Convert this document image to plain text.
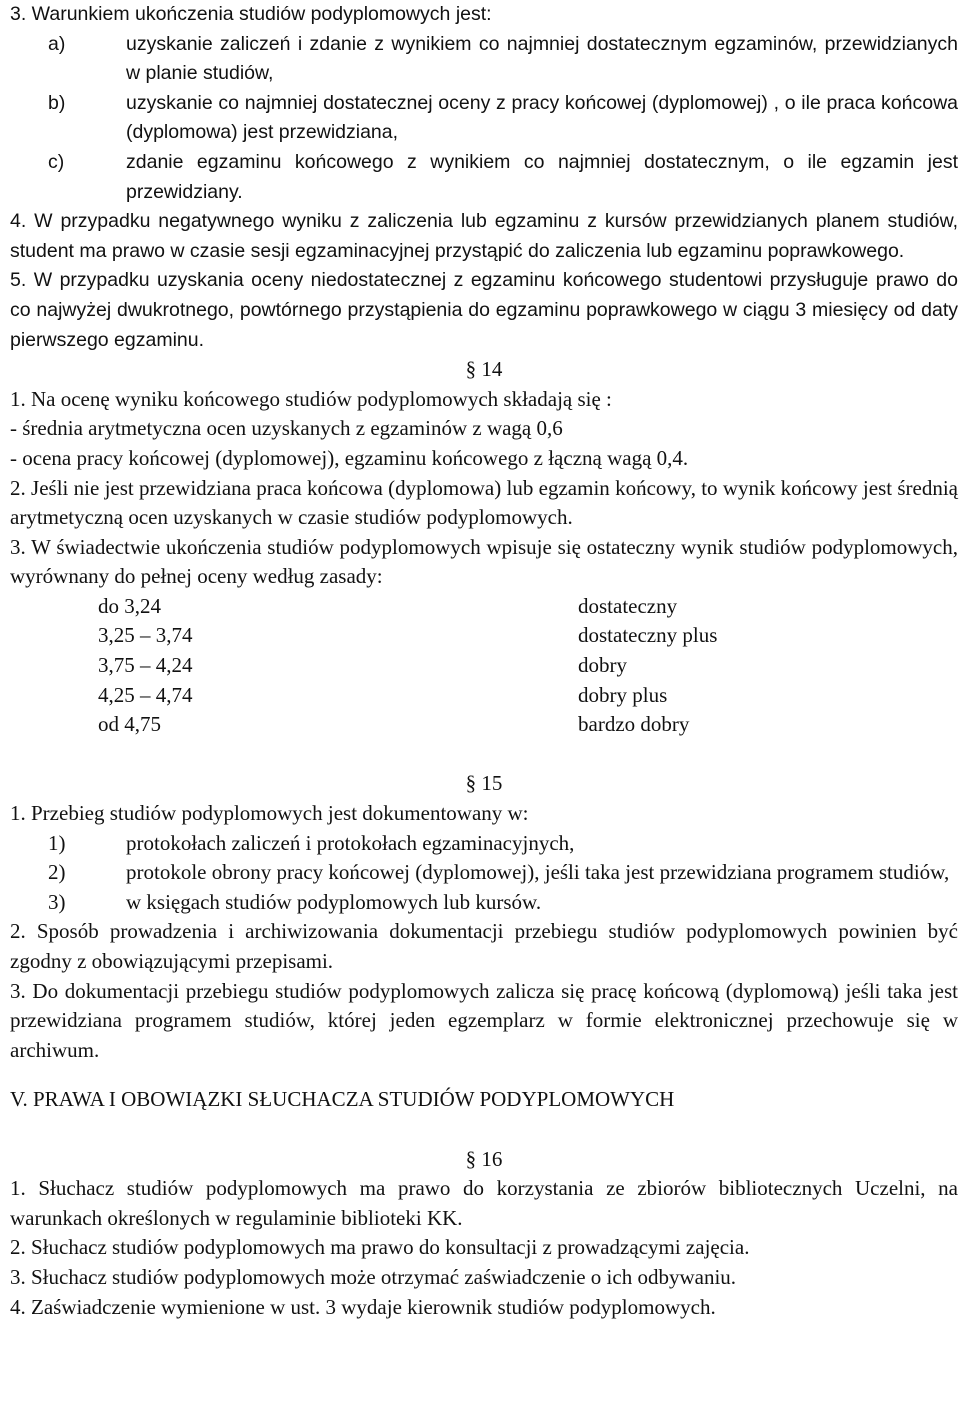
3. Warunkiem ukończenia studiów podyplomowych jest:

a)	uzyskanie zaliczeń i zdanie z wynikiem co najmniej dostatecznym egzaminów, przewidzianych w planie studiów,
b)	uzyskanie co najmniej dostatecznej oceny z pracy końcowej (dyplomowej) , o ile praca końcowa (dyplomowa) jest przewidziana,
c)	zdanie egzaminu końcowego z wynikiem co najmniej dostatecznym, o ile egzamin jest przewidziany.

4. W przypadku negatywnego wyniku z zaliczenia lub egzaminu z kursów przewidzianych planem studiów, student ma prawo w czasie sesji egzaminacyjnej przystąpić do zaliczenia lub egzaminu poprawkowego.

5. W przypadku uzyskania oceny niedostatecznej z egzaminu końcowego studentowi przysługuje prawo do co najwyżej dwukrotnego, powtórnego przystąpienia do egzaminu poprawkowego w ciągu 3 miesięcy od daty pierwszego egzaminu.

§ 14

1. Na ocenę wyniku końcowego studiów podyplomowych składają się :

- średnia arytmetyczna ocen uzyskanych z egzaminów z wagą 0,6

- ocena pracy końcowej (dyplomowej), egzaminu końcowego z łączną wagą 0,4.

2. Jeśli nie jest przewidziana praca końcowa (dyplomowa) lub egzamin końcowy, to wynik końcowy jest średnią arytmetyczną ocen uzyskanych w czasie studiów podyplomowych.

3. W świadectwie ukończenia studiów podyplomowych wpisuje się ostateczny wynik studiów podyplomowych, wyrównany do pełnej oceny według zasady:

do 3,24	dostateczny
3,25 – 3,74	dostateczny plus
3,75 – 4,24	dobry
4,25 – 4,74	dobry plus
od 4,75	bardzo dobry

§ 15

1. Przebieg studiów podyplomowych jest dokumentowany w:

1)	protokołach zaliczeń i protokołach egzaminacyjnych,
2)	protokole obrony pracy końcowej (dyplomowej), jeśli taka jest przewidziana programem studiów,
3)	w księgach studiów podyplomowych lub kursów.

2. Sposób prowadzenia i archiwizowania dokumentacji przebiegu studiów podyplomowych powinien być zgodny z obowiązującymi przepisami.

3. Do dokumentacji przebiegu studiów podyplomowych zalicza się pracę końcową (dyplomową) jeśli taka jest przewidziana programem studiów, której jeden egzemplarz w formie elektronicznej przechowuje się w archiwum.

V. PRAWA I OBOWIĄZKI SŁUCHACZA STUDIÓW PODYPLOMOWYCH

§ 16

1. Słuchacz studiów podyplomowych ma prawo do korzystania ze zbiorów bibliotecznych Uczelni, na warunkach określonych w regulaminie biblioteki KK.

2. Słuchacz studiów podyplomowych ma prawo do konsultacji z prowadzącymi zajęcia.

3. Słuchacz studiów podyplomowych może otrzymać zaświadczenie o ich odbywaniu.

4. Zaświadczenie wymienione w ust. 3 wydaje kierownik studiów podyplomowych.
